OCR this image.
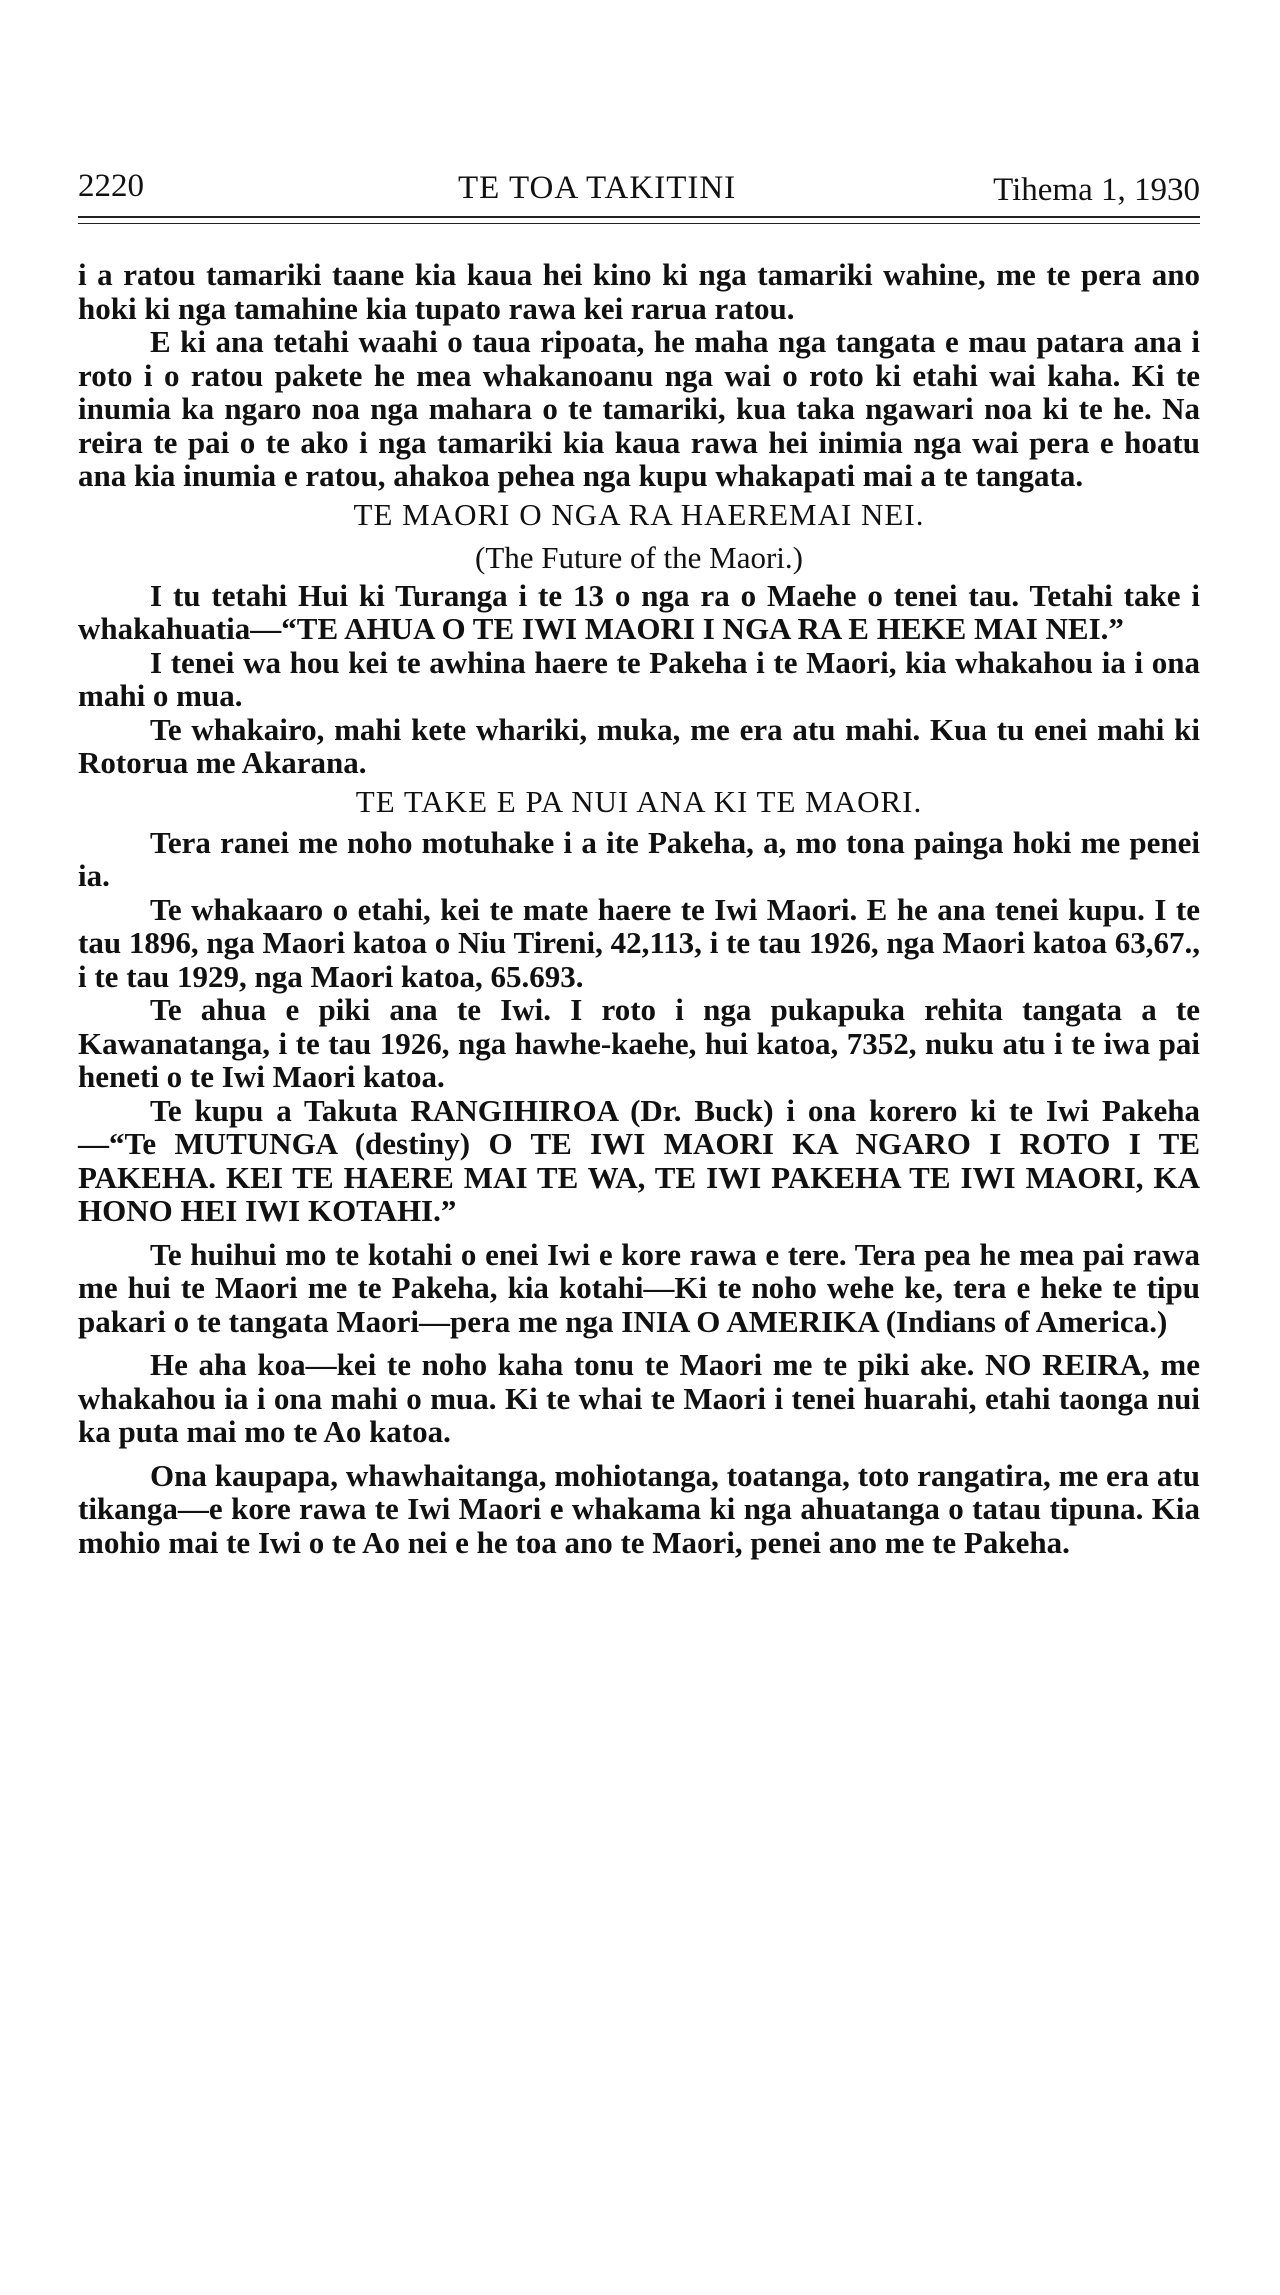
2220	TE TOA TAKITINI	Tihema 1, 1930

i a ratou tamariki taane kia kaua hei kino ki nga tamariki wahine, me te pera ano hoki ki nga tamahine kia tupato rawa kei rarua ratou.

E ki ana tetahi waahi o taua ripoata, he maha nga tangata e mau patara ana i roto i o ratou pakete he mea whakanoanu nga wai o roto ki etahi wai kaha. Ki te inumia ka ngaro noa nga mahara o te tamariki, kua taka ngawari noa ki te he. Na reira te pai o te ako i nga tamariki kia kaua rawa hei inimia nga wai pera e hoatu ana kia inumia e ratou, ahakoa pehea nga kupu whakapati mai a te tangata.

TE MAORI O NGA RA HAEREMAI NEI.
(The Future of the Maori.)

I tu tetahi Hui ki Turanga i te 13 o nga ra o Maehe o tenei tau. Tetahi take i whakahuatia—“TE AHUA O TE IWI MAORI I NGA RA E HEKE MAI NEI.”

I tenei wa hou kei te awhina haere te Pakeha i te Maori, kia whakahou ia i ona mahi o mua.

Te whakairo, mahi kete whariki, muka, me era atu mahi. Kua tu enei mahi ki Rotorua me Akarana.

TE TAKE E PA NUI ANA KI TE MAORI.

Tera ranei me noho motuhake i a ite Pakeha, a, mo tona painga hoki me penei ia.

Te whakaaro o etahi, kei te mate haere te Iwi Maori. E he ana tenei kupu. I te tau 1896, nga Maori katoa o Niu Tireni, 42,113, i te tau 1926, nga Maori katoa 63,67., i te tau 1929, nga Maori katoa, 65.693.

Te ahua e piki ana te Iwi. I roto i nga pukapuka rehita tangata a te Kawanatanga, i te tau 1926, nga hawhe-kaehe, hui katoa, 7352, nuku atu i te iwa pai heneti o te Iwi Maori katoa.

Te kupu a Takuta RANGIHIROA (Dr. Buck) i ona korero ki te Iwi Pakeha—“Te MUTUNGA (destiny) O TE IWI MAORI KA NGARO I ROTO I TE PAKEHA. KEI TE HAERE MAI TE WA, TE IWI PAKEHA TE IWI MAORI, KA HONO HEI IWI KOTAHI.”

Te huihui mo te kotahi o enei Iwi e kore rawa e tere. Tera pea he mea pai rawa me hui te Maori me te Pakeha, kia kotahi—Ki te noho wehe ke, tera e heke te tipu pakari o te tangata Maori—pera me nga INIA O AMERIKA (Indians of America.)

He aha koa—kei te noho kaha tonu te Maori me te piki ake. NO REIRA, me whakahou ia i ona mahi o mua. Ki te whai te Maori i tenei huarahi, etahi taonga nui ka puta mai mo te Ao katoa.

Ona kaupapa, whawhaitanga, mohiotanga, toatanga, toto rangatira, me era atu tikanga—e kore rawa te Iwi Maori e whakama ki nga ahuatanga o tatau tipuna. Kia mohio mai te Iwi o te Ao nei e he toa ano te Maori, penei ano me te Pakeha.
